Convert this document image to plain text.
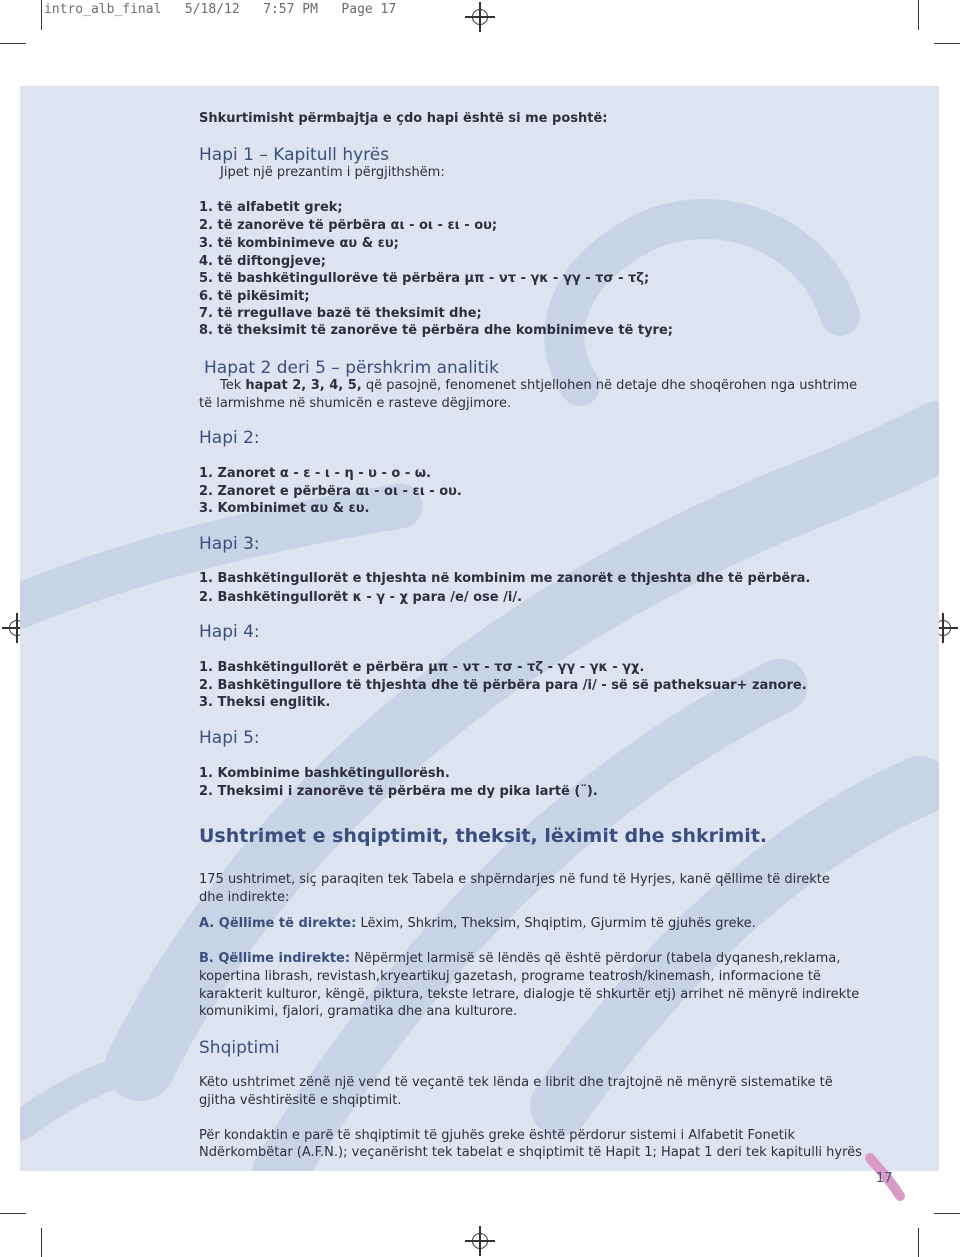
intro_alb_final   5/18/12   7:57 PM   Page 17
Shkurtimisht përmbajtja e çdo hapi është si me poshtë:
Hapi 1 – Kapitull hyrës
Jipet një prezantim i përgjithshëm:
1. të alfabetit grek;
2. të zanorëve të përbëra αι - οι - ει - ου;
3. të kombinimeve αυ & ευ;
4. të diftongjeve;
5. të bashkëtingullorëve të përbëra μπ - ντ - γκ - γγ - τσ - τζ;
6. të pikësimit;
7. të rregullave bazë të theksimit dhe;
8. të theksimit të zanorëve të përbëra dhe kombinimeve të tyre;
Hapat 2 deri 5 – përshkrim analitik
Tek hapat 2, 3, 4, 5, që pasojnë, fenomenet shtjellohen në detaje dhe shoqërohen nga ushtrime
të larmishme në shumicën e rasteve dëgjimore.
Hapi 2:
1. Zanoret α - ε - ι - η - υ - ο - ω.
2. Zanoret e përbëra αι - οι - ει - ου.
3. Kombinimet αυ & ευ.
Hapi 3:
1. Bashkëtingullorët e thjeshta në kombinim me zanorët e thjeshta dhe të përbëra.
2. Bashkëtingullorët κ - γ - χ para /e/ ose /i/.
Hapi 4:
1. Bashkëtingullorët e përbëra μπ - ντ - τσ - τζ - γγ - γκ - γχ.
2. Bashkëtingullore të thjeshta dhe të përbëra para /i/ - së së patheksuar+ zanore.
3. Theksi englitik.
Hapi 5:
1. Kombinime bashkëtingullorësh.
2. Theksimi i zanorëve të përbëra me dy pika lartë (¨).
Ushtrimet e shqiptimit, theksit, lëximit dhe shkrimit.
175 ushtrimet, siç paraqiten tek Tabela e shpërndarjes në fund të Hyrjes, kanë qëllime të direkte
dhe indirekte:
A. Qëllime të direkte: Lëxim, Shkrim, Theksim, Shqiptim, Gjurmim të gjuhës greke.
B. Qëllime indirekte: Nëpërmjet larmisë së lëndës që është përdorur (tabela dyqanesh,reklama,
kopertina librash, revistash,kryeartikuj gazetash, programe teatrosh/kinemash, informacione të
karakterit kulturor, këngë, piktura, tekste letrare, dialogje të shkurtër etj) arrihet në mënyrë indirekte
komunikimi, fjalori, gramatika dhe ana kulturore.
Shqiptimi
Këto ushtrimet zënë një vend të veçantë tek lënda e librit dhe trajtojnë në mënyrë sistematike të
gjitha vështirësitë e shqiptimit.
Për kondaktin e parë të shqiptimit të gjuhës greke është përdorur sistemi i Alfabetit Fonetik
Ndërkombëtar (A.F.N.); veçanërisht tek tabelat e shqiptimit të Hapit 1; Hapat 1 deri tek kapitulli hyrës
17
